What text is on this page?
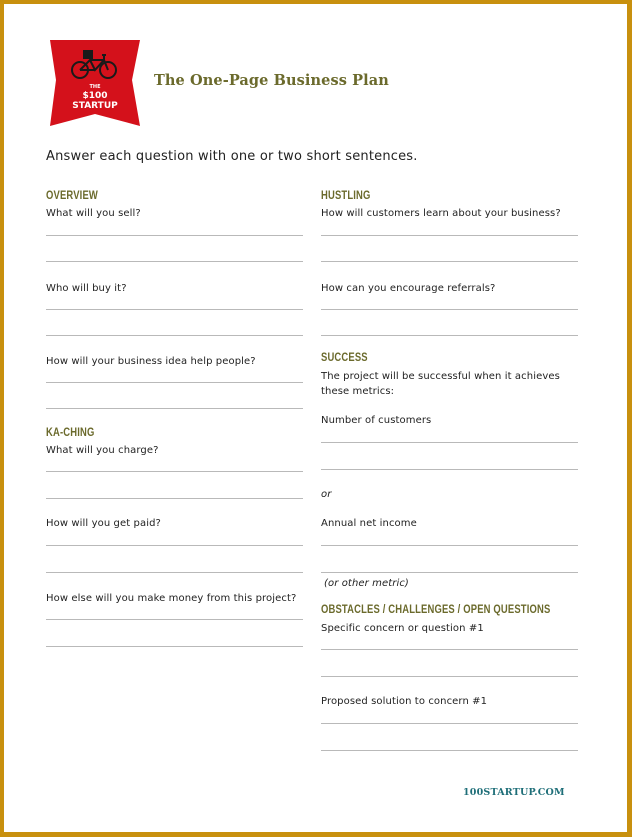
THE
$100
STARTUP
The One-Page Business Plan
Answer each question with one or two short sentences.
OVERVIEW
What will you sell?
Who will buy it?
How will your business idea help people?
KA-CHING
What will you charge?
How will you get paid?
How else will you make money from this project?
HUSTLING
How will customers learn about your business?
How can you encourage referrals?
SUCCESS
The project will be successful when it achieves
these metrics:
Number of customers
or
Annual net income
(or other metric)
OBSTACLES / CHALLENGES / OPEN QUESTIONS
Specific concern or question #1
Proposed solution to concern #1
100STARTUP.COM
